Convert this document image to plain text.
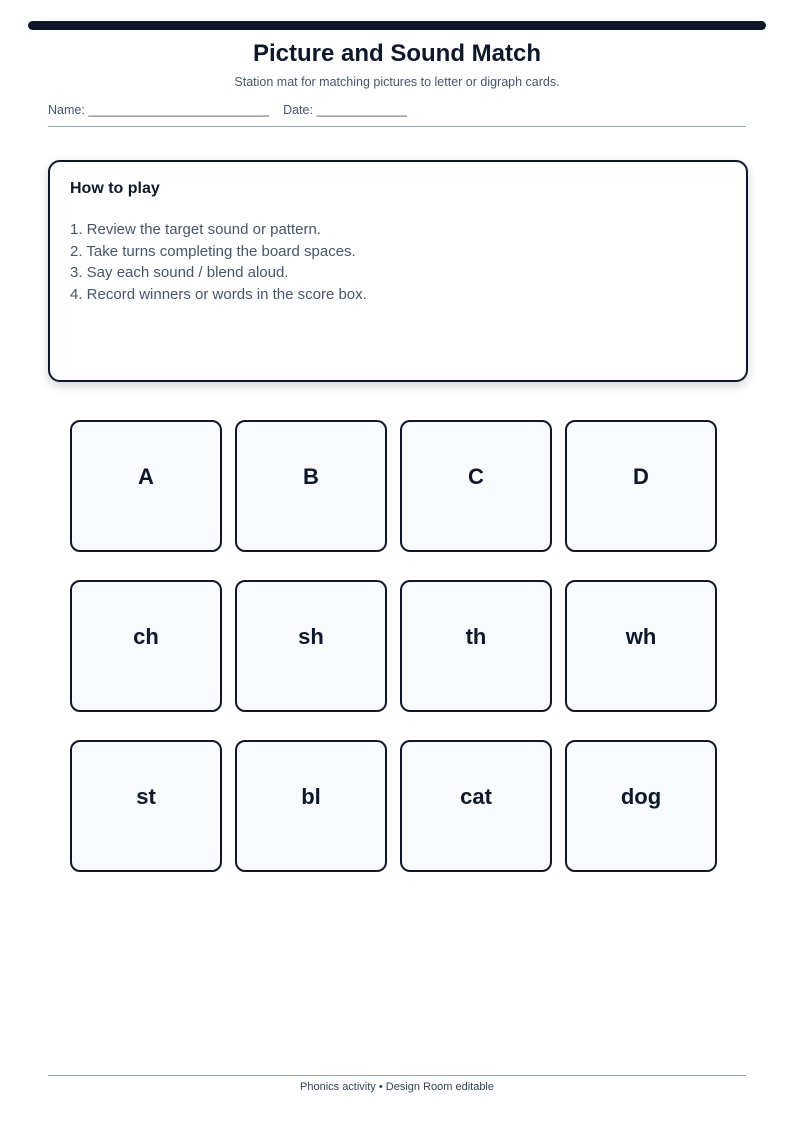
Picture and Sound Match
Station mat for matching pictures to letter or digraph cards.
Name: __________________________ Date: _____________
How to play
1. Review the target sound or pattern.
2. Take turns completing the board spaces.
3. Say each sound / blend aloud.
4. Record winners or words in the score box.
A	B	C	D
ch	sh	th	wh
st	bl	cat	dog
Phonics activity • Design Room editable
